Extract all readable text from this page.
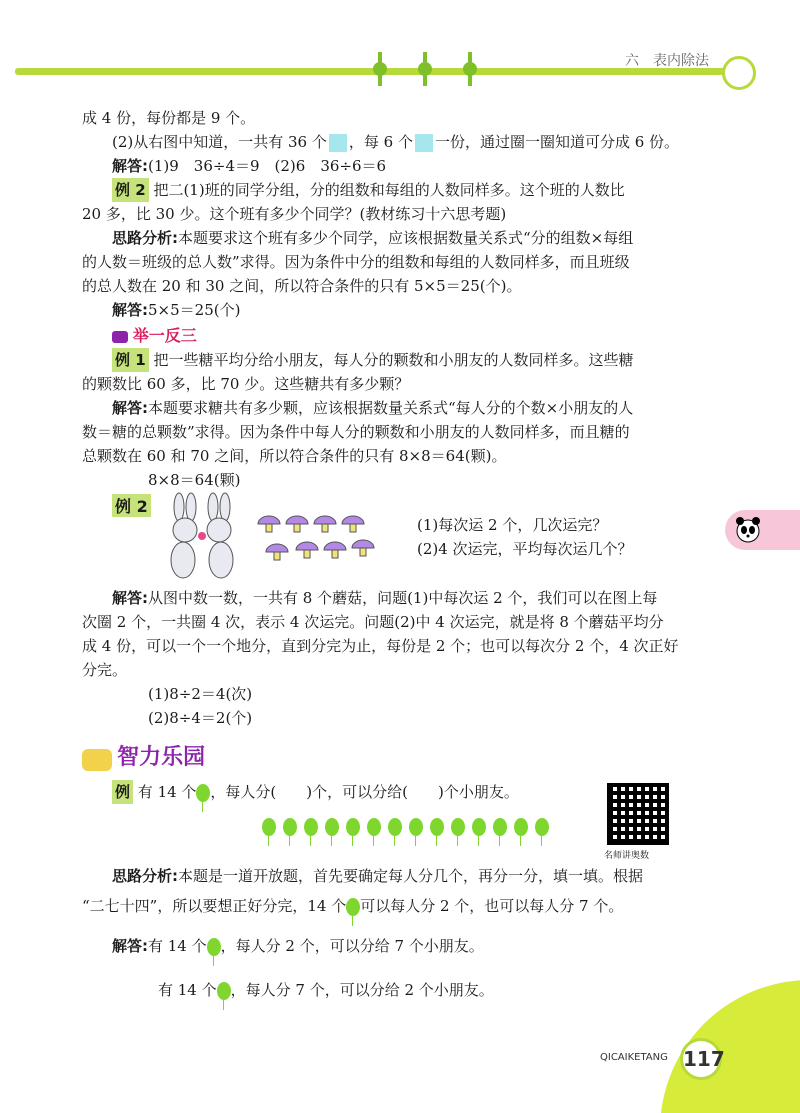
六　表内除法
成 4 份，每份都是 9 个。
(2)从右图中知道，一共有 36 个 ，每 6 个 一份，通过圈一圈知道可分成 6 份。
解答:(1)9　36÷4＝9　(2)6　36÷6＝6
例 2 把二(1)班的同学分组，分的组数和每组的人数同样多。这个班的人数比
20 多，比 30 少。这个班有多少个同学？(教材练习十六思考题)
思路分析:本题要求这个班有多少个同学，应该根据数量关系式“分的组数×每组
的人数＝班级的总人数”求得。因为条件中分的组数和每组的人数同样多，而且班级
的总人数在 20 和 30 之间，所以符合条件的只有 5×5＝25(个)。
解答:5×5＝25(个)
举一反三
例 1 把一些糖平均分给小朋友，每人分的颗数和小朋友的人数同样多。这些糖
的颗数比 60 多，比 70 少。这些糖共有多少颗？
解答:本题要求糖共有多少颗，应该根据数量关系式“每人分的个数×小朋友的人
数＝糖的总颗数”求得。因为条件中每人分的颗数和小朋友的人数同样多，而且糖的
总颗数在 60 和 70 之间，所以符合条件的只有 8×8＝64(颗)。
8×8＝64(颗)
例 2
(1)每次运 2 个，几次运完？
(2)4 次运完，平均每次运几个？
解答:从图中数一数，一共有 8 个蘑菇，问题(1)中每次运 2 个，我们可以在图上每
次圈 2 个，一共圈 4 次，表示 4 次运完。问题(2)中 4 次运完，就是将 8 个蘑菇平均分
成 4 份，可以一个一个地分，直到分完为止，每份是 2 个；也可以每次分 2 个，4 次正好
分完。
(1)8÷2＝4(次)
(2)8÷4＝2(个)
智力乐园
例 有 14 个 ，每人分(　　)个，可以分给(　　)个小朋友。
思路分析:本题是一道开放题，首先要确定每人分几个，再分一分，填一填。根据
“二七十四”，所以要想正好分完，14 个 可以每人分 2 个，也可以每人分 7 个。
解答:有 14 个 ，每人分 2 个，可以分给 7 个小朋友。
有 14 个 ，每人分 7 个，可以分给 2 个小朋友。
名师讲奥数
QICAIKETANG 117
